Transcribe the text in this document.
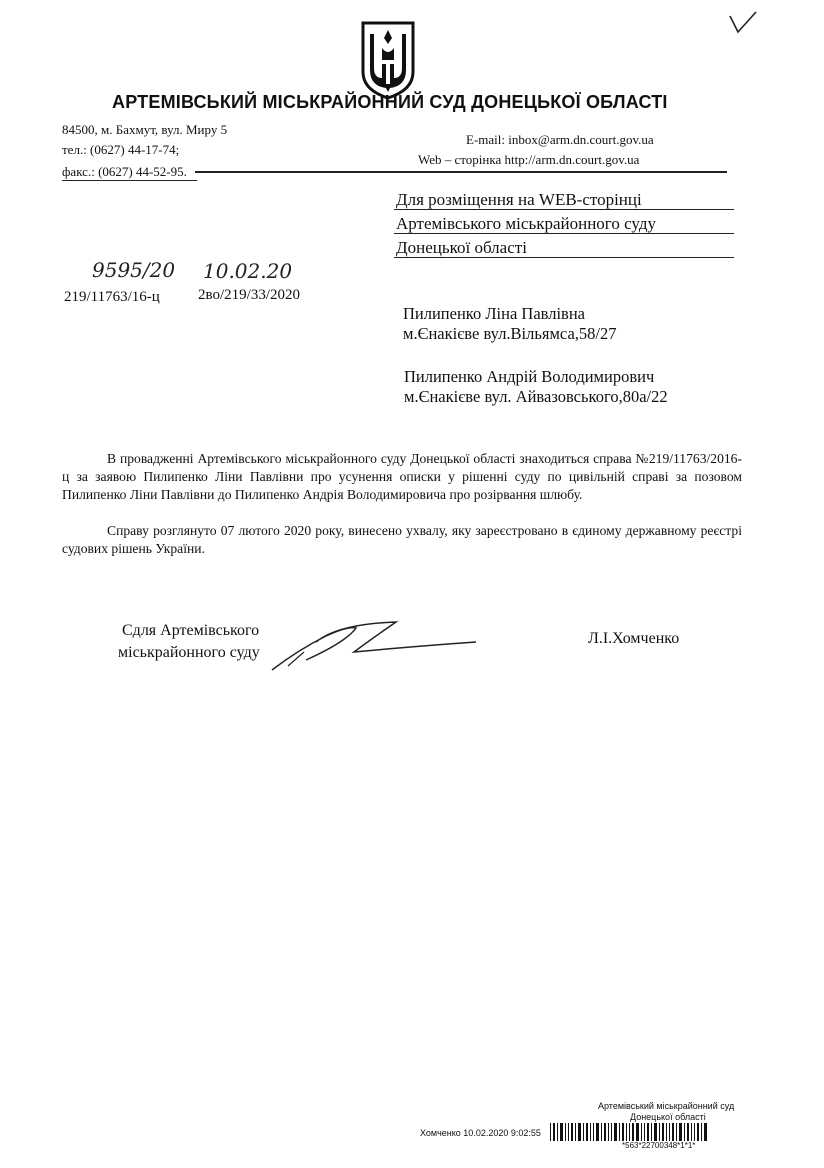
АРТЕМІВСЬКИЙ МІСЬКРАЙОННИЙ СУД ДОНЕЦЬКОЇ ОБЛАСТІ
84500, м. Бахмут, вул. Миру 5
тел.: (0627) 44-17-74;
факс.: (0627) 44-52-95.
E-mail: inbox@arm.dn.court.gov.ua
Web – сторінка http://arm.dn.court.gov.ua
Для розміщення на WEB-сторінці
Артемівського міськрайонного суду
Донецької області
9595/20 10.02.20
219/11763/16-ц	2во/219/33/2020
Пилипенко Ліна Павлівна
м.Єнакієве вул.Вільямса,58/27
Пилипенко Андрій Володимирович
м.Єнакієве вул. Айвазовського,80а/22
В провадженні Артемівського міськрайонного суду Донецької області знаходиться справа №219/11763/2016-ц за заявою Пилипенко Ліни Павлівни про усунення описки у рішенні суду по цивільній справі за позовом Пилипенко Ліни Павлівни до Пилипенко Андрія Володимировича про розірвання шлюбу.
Справу розглянуто 07 лютого 2020 року, винесено ухвалу, яку зареєстровано в єдиному державному реєстрі судових рішень України.
Сдля Артемівського
міськрайонного суду
Л.І.Хомченко
Артемівський міськрайонний суд
Донецької області
Хомченко 10.02.2020 9:02:55
*563*22700348*1*1*
